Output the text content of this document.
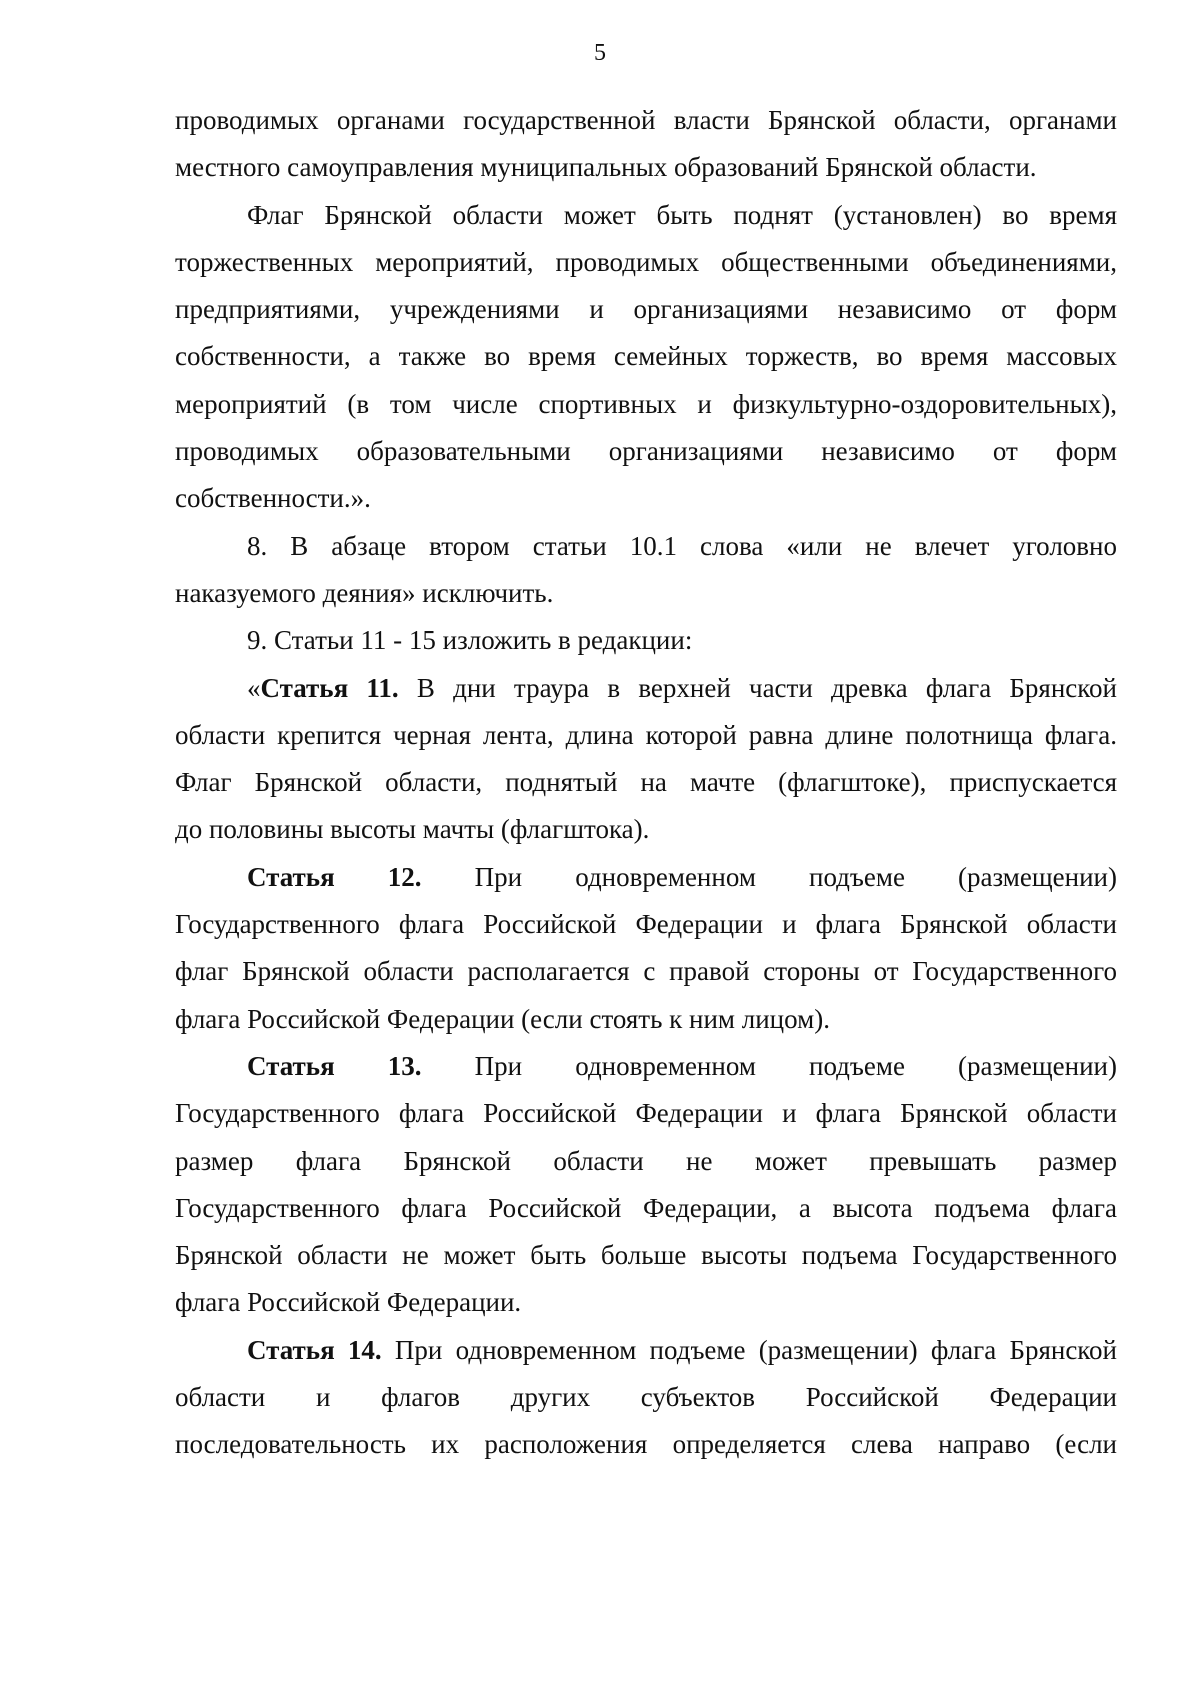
5
проводимых органами государственной власти Брянской области, органами
местного самоуправления муниципальных образований Брянской области.
Флаг Брянской области может быть поднят (установлен) во время
торжественных мероприятий, проводимых общественными объединениями,
предприятиями, учреждениями и организациями независимо от форм
собственности, а также во время семейных торжеств, во время массовых
мероприятий (в том числе спортивных и физкультурно-оздоровительных),
проводимых образовательными организациями независимо от форм
собственности.».
8. В абзаце втором статьи 10.1 слова «или не влечет уголовно
наказуемого деяния» исключить.
9. Статьи 11 - 15 изложить в редакции:
«Статья 11. В дни траура в верхней части древка флага Брянской
области крепится черная лента, длина которой равна длине полотнища флага.
Флаг Брянской области, поднятый на мачте (флагштоке), приспускается
до половины высоты мачты (флагштока).
Статья 12. При одновременном подъеме (размещении)
Государственного флага Российской Федерации и флага Брянской области
флаг Брянской области располагается с правой стороны от Государственного
флага Российской Федерации (если стоять к ним лицом).
Статья 13. При одновременном подъеме (размещении)
Государственного флага Российской Федерации и флага Брянской области
размер флага Брянской области не может превышать размер
Государственного флага Российской Федерации, а высота подъема флага
Брянской области не может быть больше высоты подъема Государственного
флага Российской Федерации.
Статья 14. При одновременном подъеме (размещении) флага Брянской
области и флагов других субъектов Российской Федерации
последовательность их расположения определяется слева направо (если
